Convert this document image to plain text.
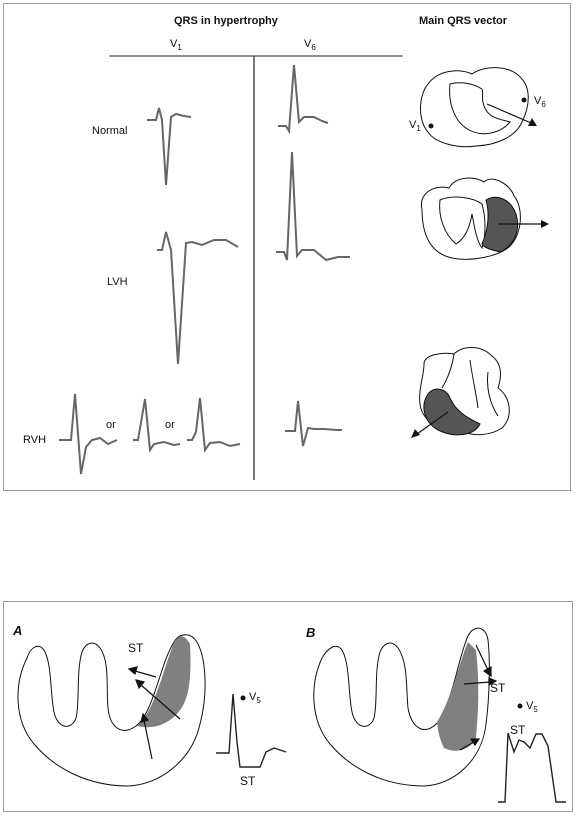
QRS in hypertrophy	Main QRS vector
$V_1$	$V_6$
Normal
LVH
RVH
or	or
$V_6$
$V_1$
A	B
ST
ST
ST
ST
$V_5$	$V_5$
